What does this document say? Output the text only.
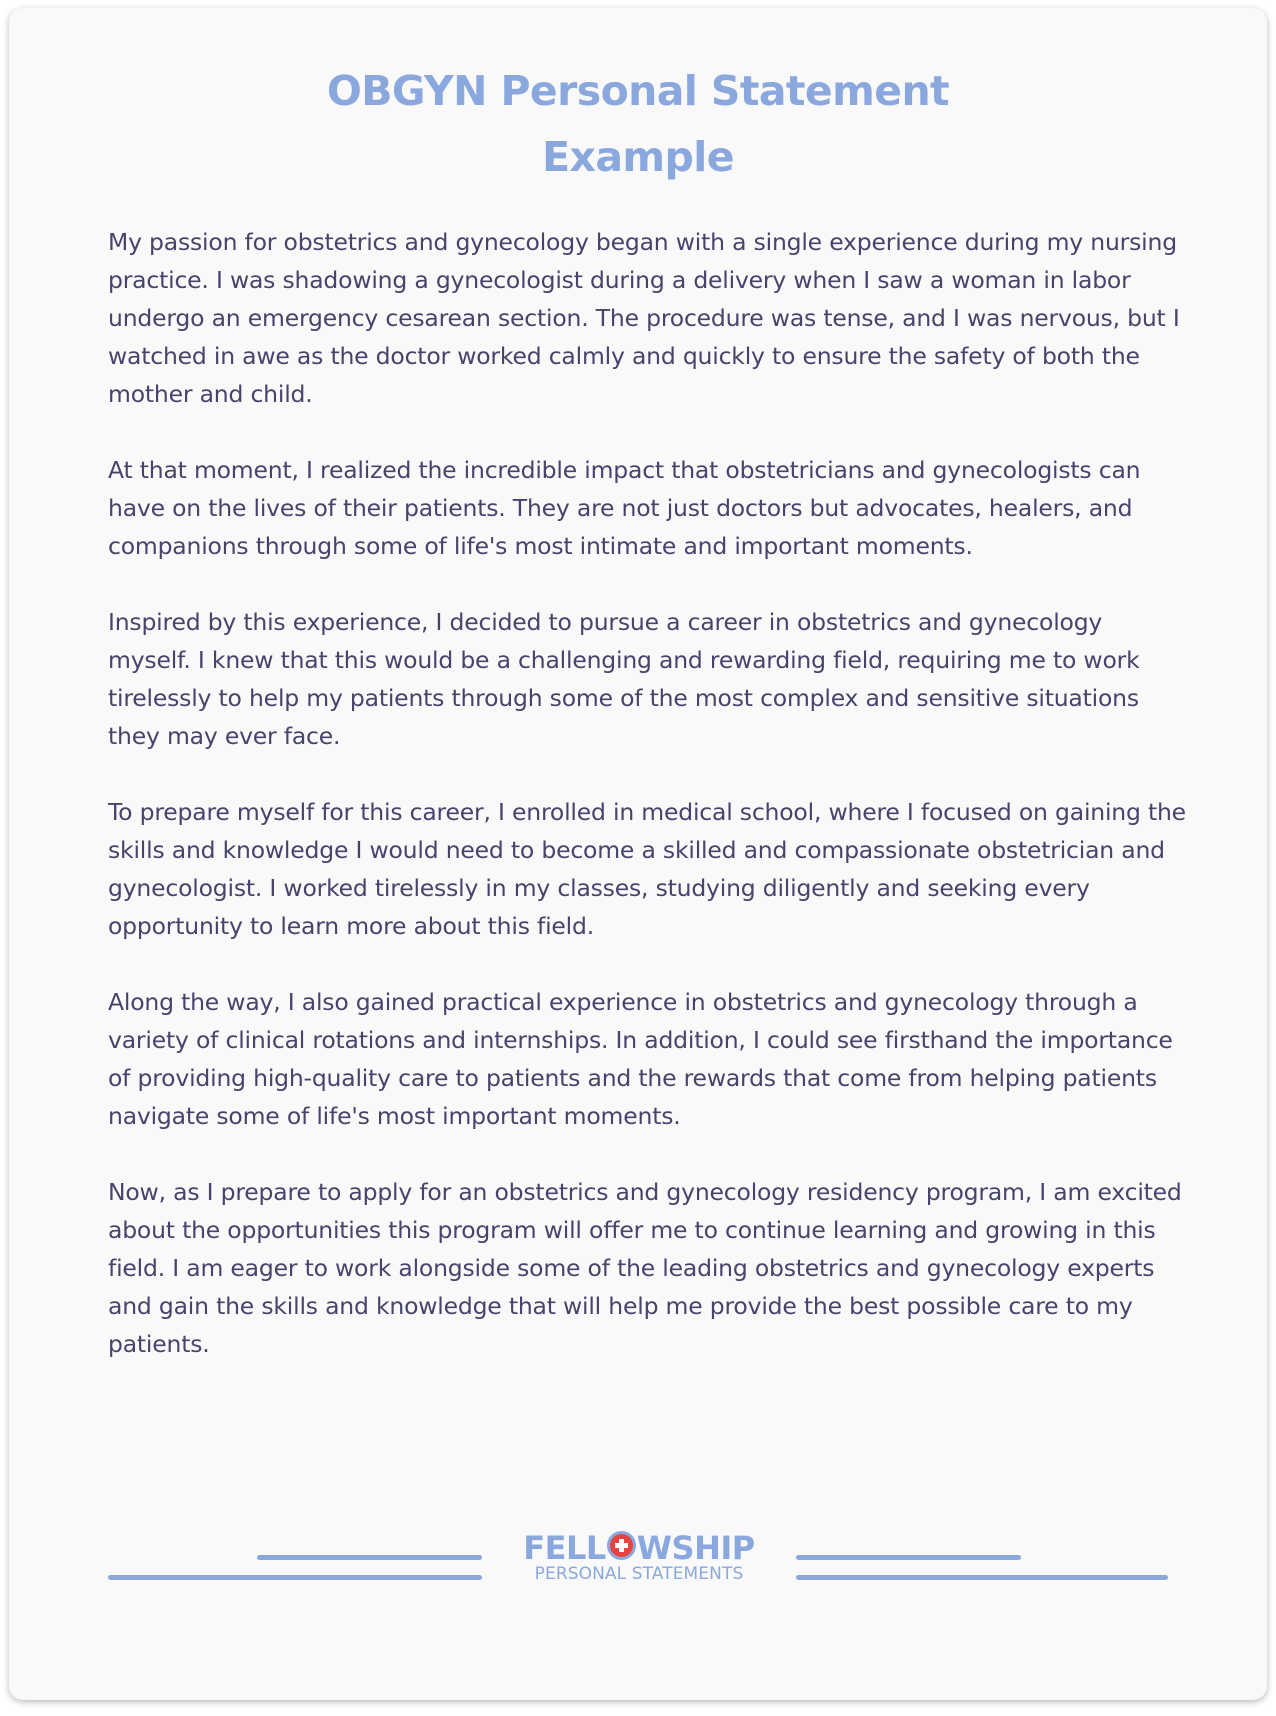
OBGYN Personal Statement
Example

My passion for obstetrics and gynecology began with a single experience during my nursing practice. I was shadowing a gynecologist during a delivery when I saw a woman in labor undergo an emergency cesarean section. The procedure was tense, and I was nervous, but I watched in awe as the doctor worked calmly and quickly to ensure the safety of both the mother and child.

At that moment, I realized the incredible impact that obstetricians and gynecologists can have on the lives of their patients. They are not just doctors but advocates, healers, and companions through some of life's most intimate and important moments.

Inspired by this experience, I decided to pursue a career in obstetrics and gynecology myself. I knew that this would be a challenging and rewarding field, requiring me to work tirelessly to help my patients through some of the most complex and sensitive situations they may ever face.

To prepare myself for this career, I enrolled in medical school, where I focused on gaining the skills and knowledge I would need to become a skilled and compassionate obstetrician and gynecologist. I worked tirelessly in my classes, studying diligently and seeking every opportunity to learn more about this field.

Along the way, I also gained practical experience in obstetrics and gynecology through a variety of clinical rotations and internships. In addition, I could see firsthand the importance of providing high-quality care to patients and the rewards that come from helping patients navigate some of life's most important moments.

Now, as I prepare to apply for an obstetrics and gynecology residency program, I am excited about the opportunities this program will offer me to continue learning and growing in this field. I am eager to work alongside some of the leading obstetrics and gynecology experts and gain the skills and knowledge that will help me provide the best possible care to my patients.

FELL WSHIP
PERSONAL STATEMENTS
